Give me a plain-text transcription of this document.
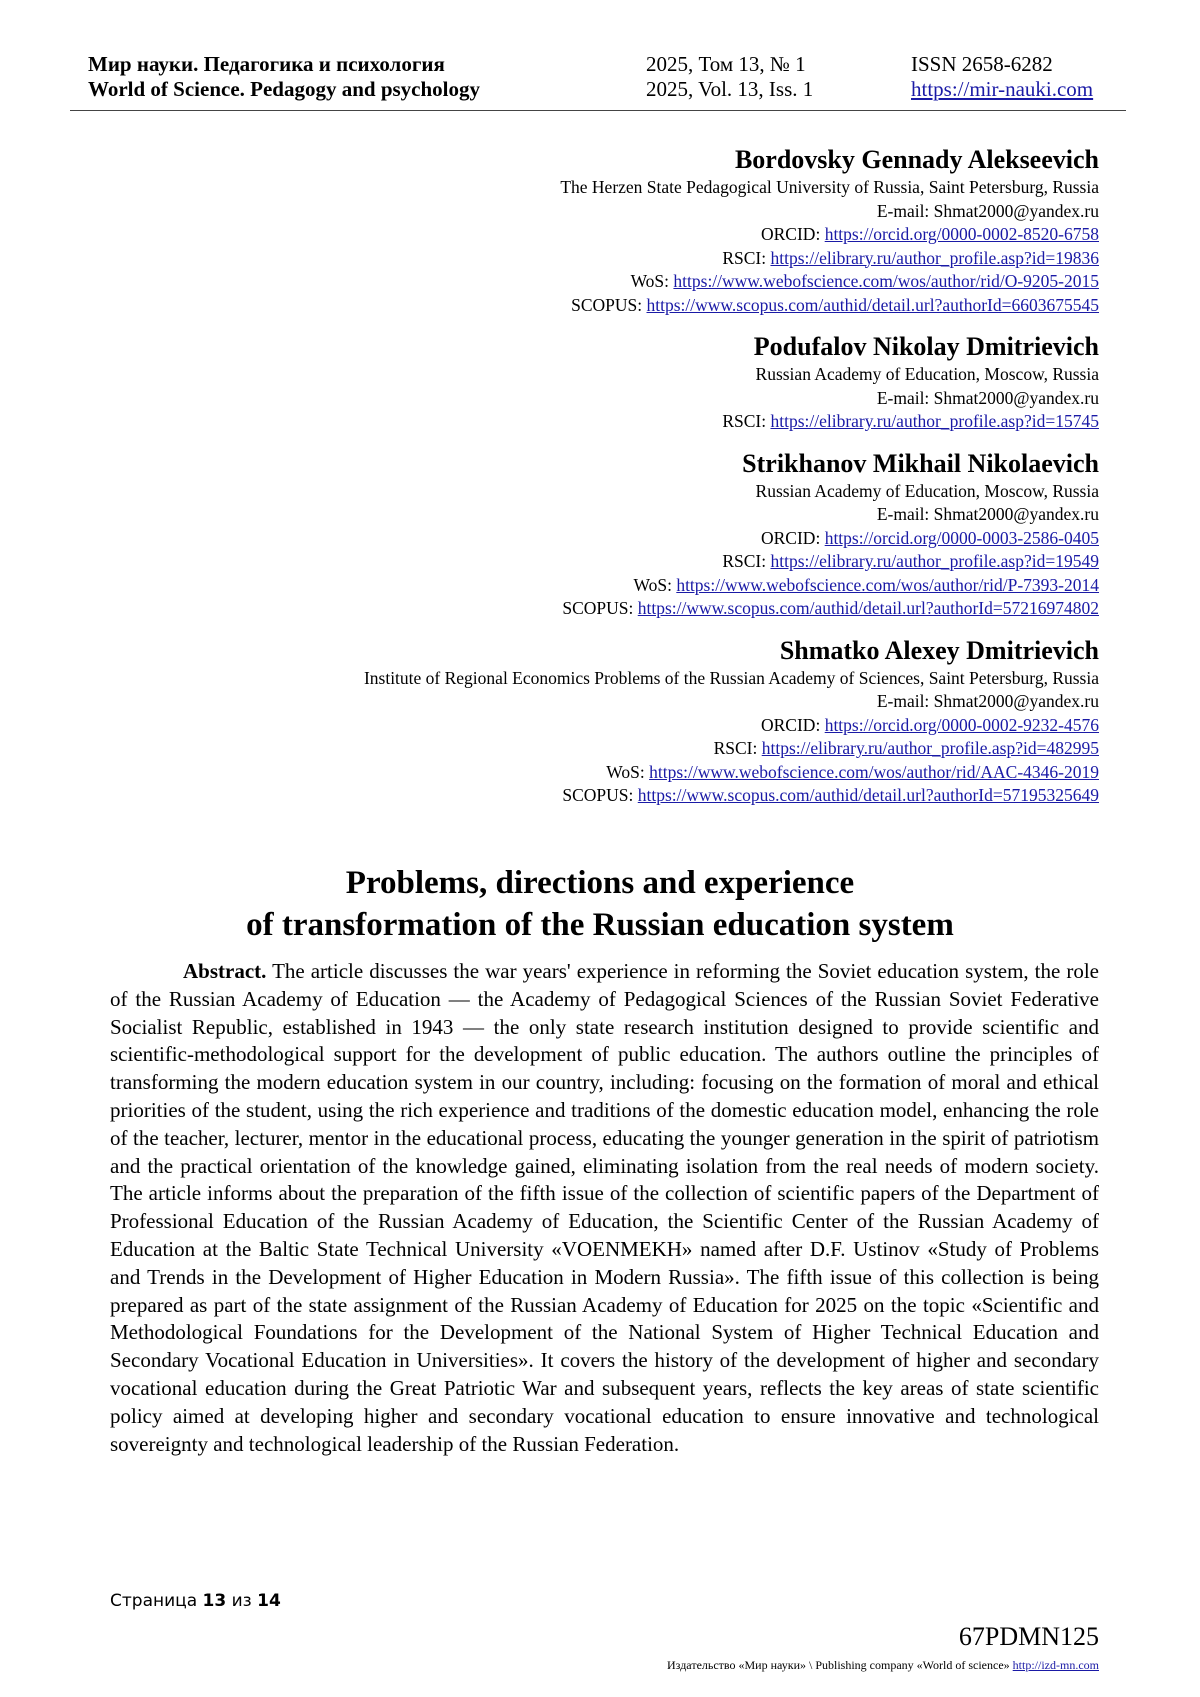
Мир науки. Педагогика и психология
World of Science. Pedagogy and psychology
2025, Том 13, № 1
2025, Vol. 13, Iss. 1
ISSN 2658-6282
https://mir-nauki.com
Bordovsky Gennady Alekseevich
The Herzen State Pedagogical University of Russia, Saint Petersburg, Russia
E-mail: Shmat2000@yandex.ru
ORCID: https://orcid.org/0000-0002-8520-6758
RSCI: https://elibrary.ru/author_profile.asp?id=19836
WoS: https://www.webofscience.com/wos/author/rid/O-9205-2015
SCOPUS: https://www.scopus.com/authid/detail.url?authorId=6603675545
Podufalov Nikolay Dmitrievich
Russian Academy of Education, Moscow, Russia
E-mail: Shmat2000@yandex.ru
RSCI: https://elibrary.ru/author_profile.asp?id=15745
Strikhanov Mikhail Nikolaevich
Russian Academy of Education, Moscow, Russia
E-mail: Shmat2000@yandex.ru
ORCID: https://orcid.org/0000-0003-2586-0405
RSCI: https://elibrary.ru/author_profile.asp?id=19549
WoS: https://www.webofscience.com/wos/author/rid/P-7393-2014
SCOPUS: https://www.scopus.com/authid/detail.url?authorId=57216974802
Shmatko Alexey Dmitrievich
Institute of Regional Economics Problems of the Russian Academy of Sciences, Saint Petersburg, Russia
E-mail: Shmat2000@yandex.ru
ORCID: https://orcid.org/0000-0002-9232-4576
RSCI: https://elibrary.ru/author_profile.asp?id=482995
WoS: https://www.webofscience.com/wos/author/rid/AAC-4346-2019
SCOPUS: https://www.scopus.com/authid/detail.url?authorId=57195325649
Problems, directions and experience
of transformation of the Russian education system

Abstract. The article discusses the war years' experience in reforming the Soviet education system, the role of the Russian Academy of Education — the Academy of Pedagogical Sciences of the Russian Soviet Federative Socialist Republic, established in 1943 — the only state research institution designed to provide scientific and scientific-methodological support for the development of public education. The authors outline the principles of transforming the modern education system in our country, including: focusing on the formation of moral and ethical priorities of the student, using the rich experience and traditions of the domestic education model, enhancing the role of the teacher, lecturer, mentor in the educational process, educating the younger generation in the spirit of patriotism and the practical orientation of the knowledge gained, eliminating isolation from the real needs of modern society. The article informs about the preparation of the fifth issue of the collection of scientific papers of the Department of Professional Education of the Russian Academy of Education, the Scientific Center of the Russian Academy of Education at the Baltic State Technical University «VOENMEKH» named after D.F. Ustinov «Study of Problems and Trends in the Development of Higher Education in Modern Russia». The fifth issue of this collection is being prepared as part of the state assignment of the Russian Academy of Education for 2025 on the topic «Scientific and Methodological Foundations for the Development of the National System of Higher Technical Education and Secondary Vocational Education in Universities». It covers the history of the development of higher and secondary vocational education during the Great Patriotic War and subsequent years, reflects the key areas of state scientific policy aimed at developing higher and secondary vocational education to ensure innovative and technological sovereignty and technological leadership of the Russian Federation.

Страница 13 из 14
67PDMN125
Издательство «Мир науки» \ Publishing company «World of science» http://izd-mn.com
